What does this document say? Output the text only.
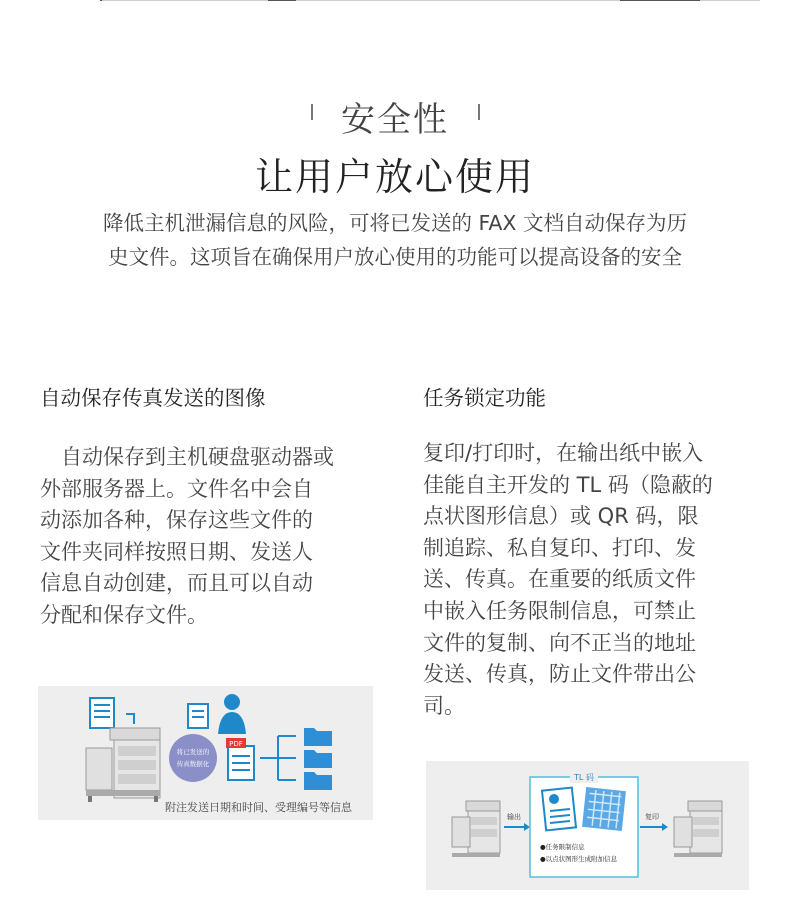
安全性
让用户放心使用
降低主机泄漏信息的风险，可将已发送的 FAX 文档自动保存为历
史文件。这项旨在确保用户放心使用的功能可以提高设备的安全
自动保存传真发送的图像

　自动保存到主机硬盘驱动器或

外部服务器上。文件名中会自

动添加各种，保存这些文件的

文件夹同样按照日期、发送人

信息自动创建，而且可以自动

分配和保存文件。

任务锁定功能

复印/打印时，在输出纸中嵌入

佳能自主开发的 TL 码（隐蔽的

点状图形信息）或 QR 码，限

制追踪、私自复印、打印、发

送、传真。在重要的纸质文件

中嵌入任务限制信息，可禁止

文件的复制、向不正当的地址

发送、传真，防止文件带出公

司。

将已发送的
传真数据化
PDF
附注发送日期和时间、受理编号等信息
输出
TL 码
●任务限制信息
●以点状图形生成附加信息
复印
